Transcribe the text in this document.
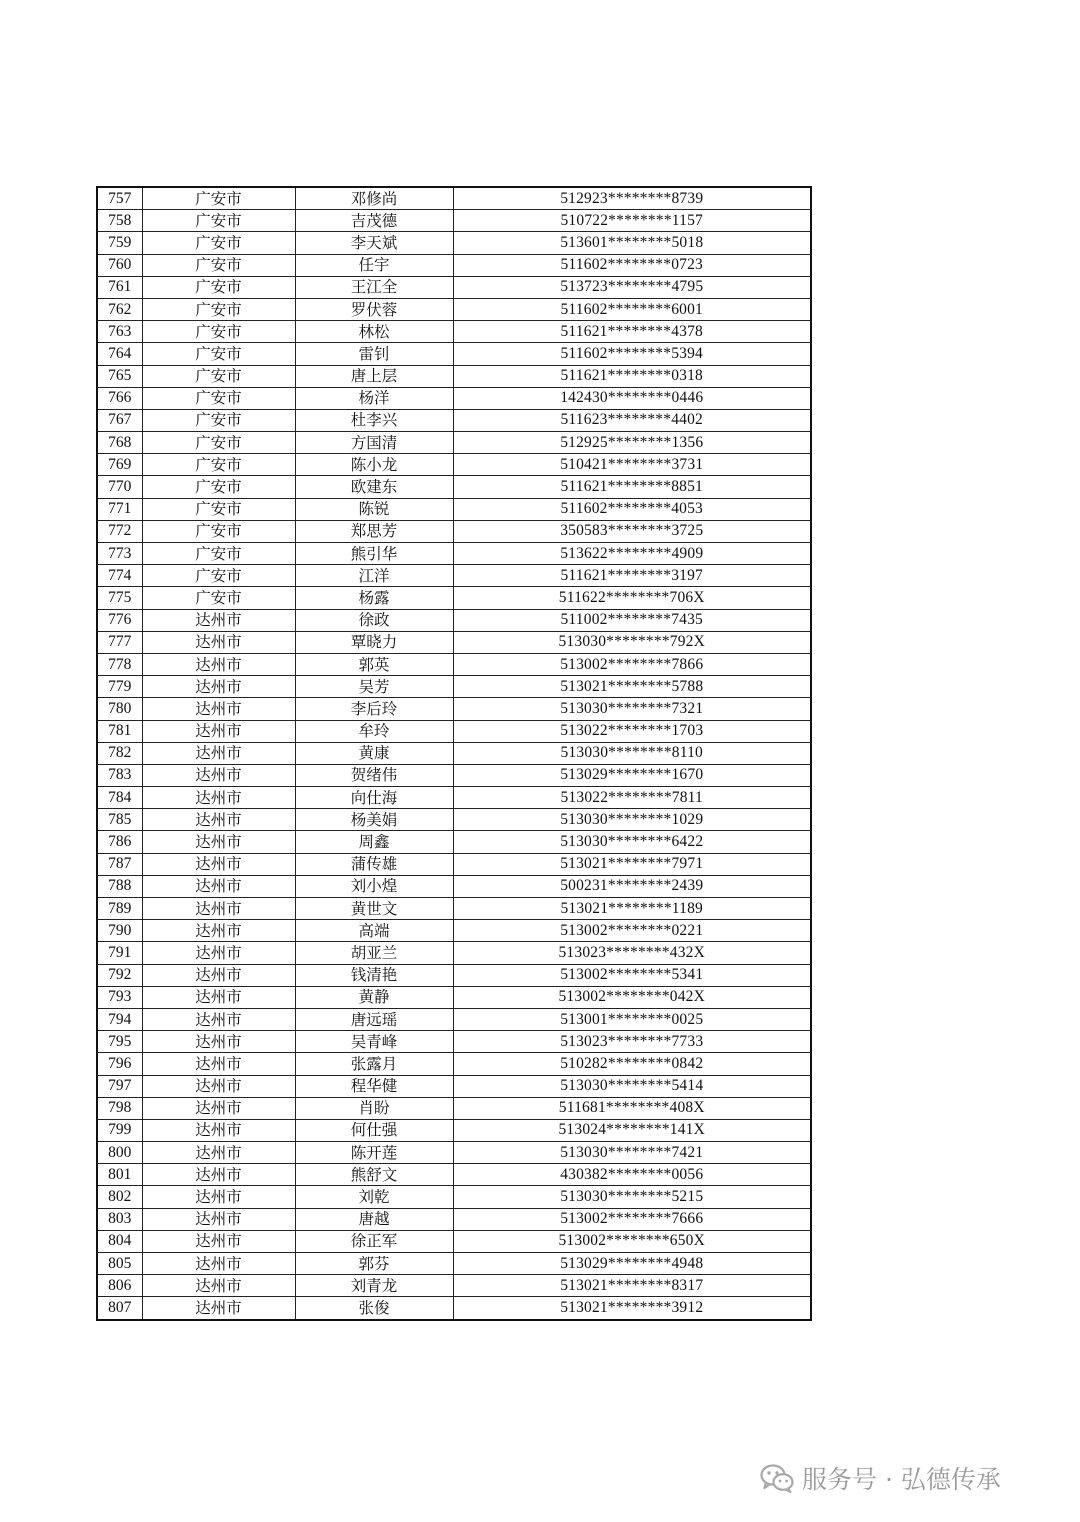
757	广安市	邓修尚	512923********8739
758	广安市	吉茂德	510722********1157
759	广安市	李天斌	513601********5018
760	广安市	任宇	511602********0723
761	广安市	王江全	513723********4795
762	广安市	罗伏蓉	511602********6001
763	广安市	林松	511621********4378
764	广安市	雷钊	511602********5394
765	广安市	唐上层	511621********0318
766	广安市	杨洋	142430********0446
767	广安市	杜李兴	511623********4402
768	广安市	方国清	512925********1356
769	广安市	陈小龙	510421********3731
770	广安市	欧建东	511621********8851
771	广安市	陈锐	511602********4053
772	广安市	郑思芳	350583********3725
773	广安市	熊引华	513622********4909
774	广安市	江洋	511621********3197
775	广安市	杨露	511622********706X
776	达州市	徐政	511002********7435
777	达州市	覃晓力	513030********792X
778	达州市	郭英	513002********7866
779	达州市	吴芳	513021********5788
780	达州市	李后玲	513030********7321
781	达州市	牟玲	513022********1703
782	达州市	黄康	513030********8110
783	达州市	贺绪伟	513029********1670
784	达州市	向仕海	513022********7811
785	达州市	杨美娟	513030********1029
786	达州市	周鑫	513030********6422
787	达州市	蒲传雄	513021********7971
788	达州市	刘小煌	500231********2439
789	达州市	黄世文	513021********1189
790	达州市	高端	513002********0221
791	达州市	胡亚兰	513023********432X
792	达州市	钱清艳	513002********5341
793	达州市	黄静	513002********042X
794	达州市	唐远瑶	513001********0025
795	达州市	吴青峰	513023********7733
796	达州市	张露月	510282********0842
797	达州市	程华健	513030********5414
798	达州市	肖盼	511681********408X
799	达州市	何仕强	513024********141X
800	达州市	陈开莲	513030********7421
801	达州市	熊舒文	430382********0056
802	达州市	刘乾	513030********5215
803	达州市	唐越	513002********7666
804	达州市	徐正军	513002********650X
805	达州市	郭芬	513029********4948
806	达州市	刘青龙	513021********8317
807	达州市	张俊	513021********3912
服务号 · 弘德传承
